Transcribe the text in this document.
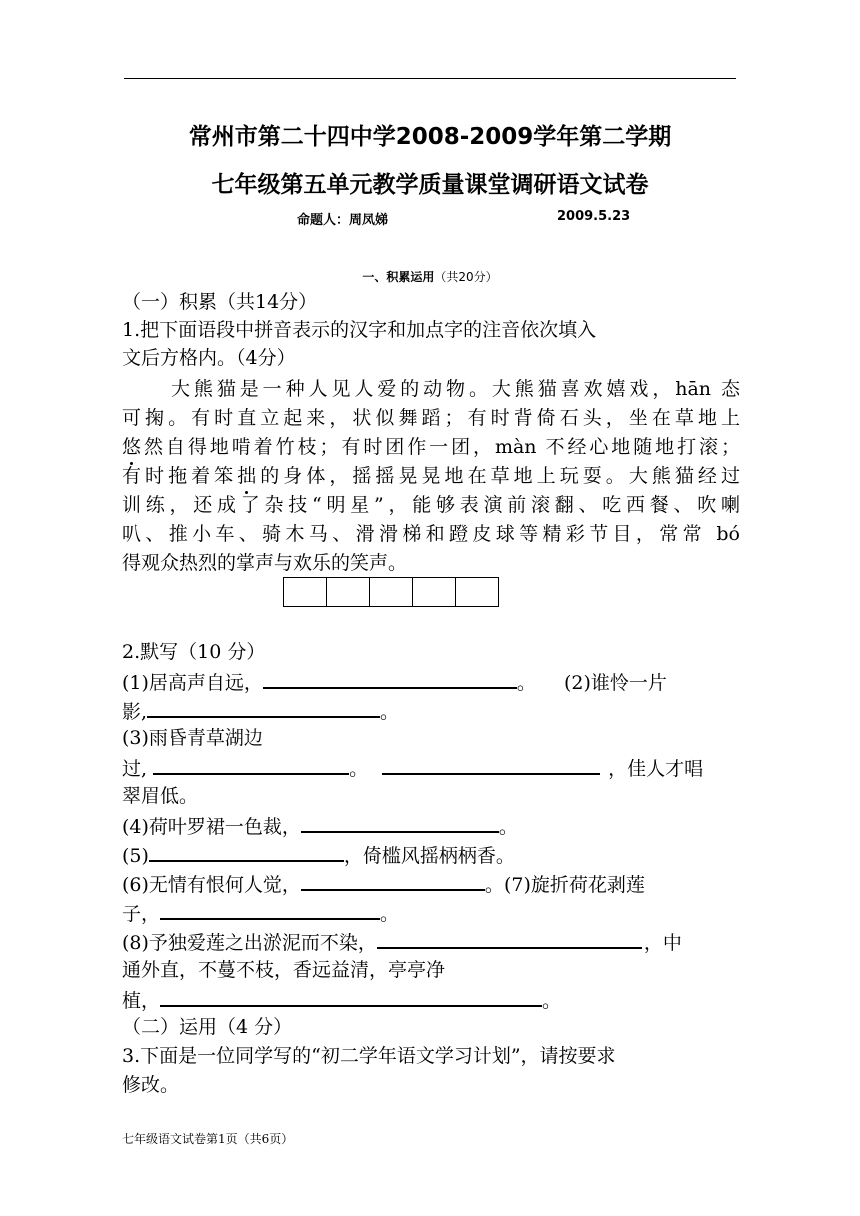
常州市第二十四中学2008-2009学年第二学期
七年级第五单元教学质量课堂调研语文试卷
命题人：周凤娣	2009.5.23
一、积累运用（共20分）
（一）积累（共14分）
1.把下面语段中拼音表示的汉字和加点字的注音依次填入
文后方格内。（4分）
大熊猫是一种人见人爱的动物。大熊猫喜欢嬉戏，hān 态
可掬。有时直立起来，状似舞蹈；有时背倚石头，坐在草地上
悠然自得地啃着竹枝；有时团作一团，màn 不经心地随地打滚；
有时拖着笨拙的身体，摇摇晃晃地在草地上玩耍。大熊猫经过
训练，还成了杂技“明星”，能够表演前滚翻、吃西餐、吹喇
叭、推小车、骑木马、滑滑梯和蹬皮球等精彩节目，常常 bó
得观众热烈的掌声与欢乐的笑声。
2.默写（10 分）
(1)居高声自远，	。 (2)谁怜一片
影,	。
(3)雨昏青草湖边
过,	。	，佳人才唱
翠眉低。
(4)荷叶罗裙一色裁，	。
(5)	，倚槛风摇柄柄香。
(6)无情有恨何人觉，	。(7)旋折荷花剥莲
子，	。
(8)予独爱莲之出淤泥而不染，	，中
通外直，不蔓不枝，香远益清，亭亭净
植，	。
（二）运用（4 分）
3.下面是一位同学写的“初二学年语文学习计划”，请按要求
修改。
七年级语文试卷第1页（共6页）
